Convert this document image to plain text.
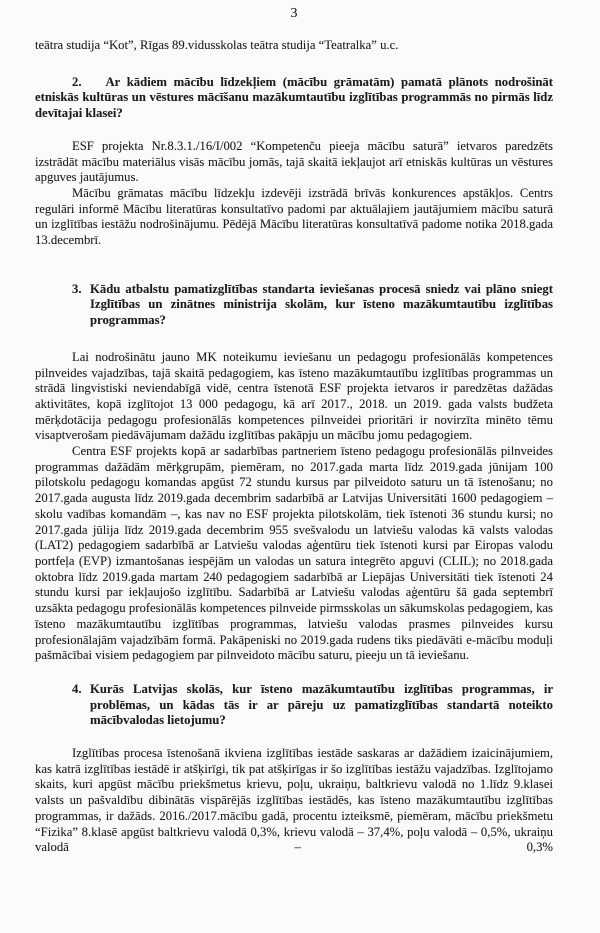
3

teātra studija “Kot”, Rīgas 89.vidusskolas teātra studija “Teatralka” u.c.

2. Ar kādiem mācību līdzekļiem (mācību grāmatām) pamatā plānots nodrošināt etniskās kultūras un vēstures mācīšanu mazākumtautību izglītības programmās no pirmās līdz devītajai klasei?

ESF projekta Nr.8.3.1./16/I/002 “Kompetenču pieeja mācību saturā” ietvaros paredzēts izstrādāt mācību materiālus visās mācību jomās, tajā skaitā iekļaujot arī etniskās kultūras un vēstures apguves jautājumus.

Mācību grāmatas mācību līdzekļu izdevēji izstrādā brīvās konkurences apstākļos. Centrs regulāri informē Mācību literatūras konsultatīvo padomi par aktuālajiem jautājumiem mācību saturā un izglītības iestāžu nodrošinājumu. Pēdējā Mācību literatūras konsultatīvā padome notika 2018.gada 13.decembrī.

3. Kādu atbalstu pamatizglītības standarta ieviešanas procesā sniedz vai plāno sniegt Izglītības un zinātnes ministrija skolām, kur īsteno mazākumtautību izglītības programmas?

Lai nodrošinātu jauno MK noteikumu ieviešanu un pedagogu profesionālās kompetences pilnveides vajadzības, tajā skaitā pedagogiem, kas īsteno mazākumtautību izglītības programmas un strādā lingvistiski neviendabīgā vidē, centra īstenotā ESF projekta ietvaros ir paredzētas dažādas aktivitātes, kopā izglītojot 13 000 pedagogu, kā arī 2017., 2018. un 2019. gada valsts budžeta mērķdotācija pedagogu profesionālās kompetences pilnveidei prioritāri ir novirzīta minēto tēmu visaptverošam piedāvājumam dažādu izglītības pakāpju un mācību jomu pedagogiem.

Centra ESF projekts kopā ar sadarbības partneriem īsteno pedagogu profesionālās pilnveides programmas dažādām mērķgrupām, piemēram, no 2017.gada marta līdz 2019.gada jūnijam 100 pilotskolu pedagogu komandas apgūst 72 stundu kursus par pilveidoto saturu un tā īstenošanu; no 2017.gada augusta līdz 2019.gada decembrim sadarbībā ar Latvijas Universitāti 1600 pedagogiem – skolu vadības komandām –, kas nav no ESF projekta pilotskolām, tiek īstenoti 36 stundu kursi; no 2017.gada jūlija līdz 2019.gada decembrim 955 svešvalodu un latviešu valodas kā valsts valodas (LAT2) pedagogiem sadarbībā ar Latviešu valodas aģentūru tiek īstenoti kursi par Eiropas valodu portfeļa (EVP) izmantošanas iespējām un valodas un satura integrēto apguvi (CLIL); no 2018.gada oktobra līdz 2019.gada martam 240 pedagogiem sadarbībā ar Liepājas Universitāti tiek īstenoti 24 stundu kursi par iekļaujošo izglītību. Sadarbībā ar Latviešu valodas aģentūru šā gada septembrī uzsākta pedagogu profesionālās kompetences pilnveide pirmsskolas un sākumskolas pedagogiem, kas īsteno mazākumtautību izglītības programmas, latviešu valodas prasmes pilnveides kursu profesionālajām vajadzībām formā. Pakāpeniski no 2019.gada rudens tiks piedāvāti e-mācību moduļi pašmācībai visiem pedagogiem par pilnveidoto mācību saturu, pieeju un tā ieviešanu.

4. Kurās Latvijas skolās, kur īsteno mazākumtautību izglītības programmas, ir problēmas, un kādas tās ir ar pāreju uz pamatizglītības standartā noteikto mācībvalodas lietojumu?

Izglītības procesa īstenošanā ikviena izglītības iestāde saskaras ar dažādiem izaicinājumiem, kas katrā izglītības iestādē ir atšķirīgi, tik pat atšķirīgas ir šo izglītības iestāžu vajadzības. Izglītojamo skaits, kuri apgūst mācību priekšmetus krievu, poļu, ukraiņu, baltkrievu valodā no 1.līdz 9.klasei valsts un pašvaldību dibinātās vispārējās izglītības iestādēs, kas īsteno mazākumtautību izglītības programmas, ir dažāds. 2016./2017.mācību gadā, procentu izteiksmē, piemēram, mācību priekšmetu “Fizika” 8.klasē apgūst baltkrievu valodā 0,3%, krievu valodā – 37,4%, poļu valodā – 0,5%, ukraiņu valodā – 0,3%
